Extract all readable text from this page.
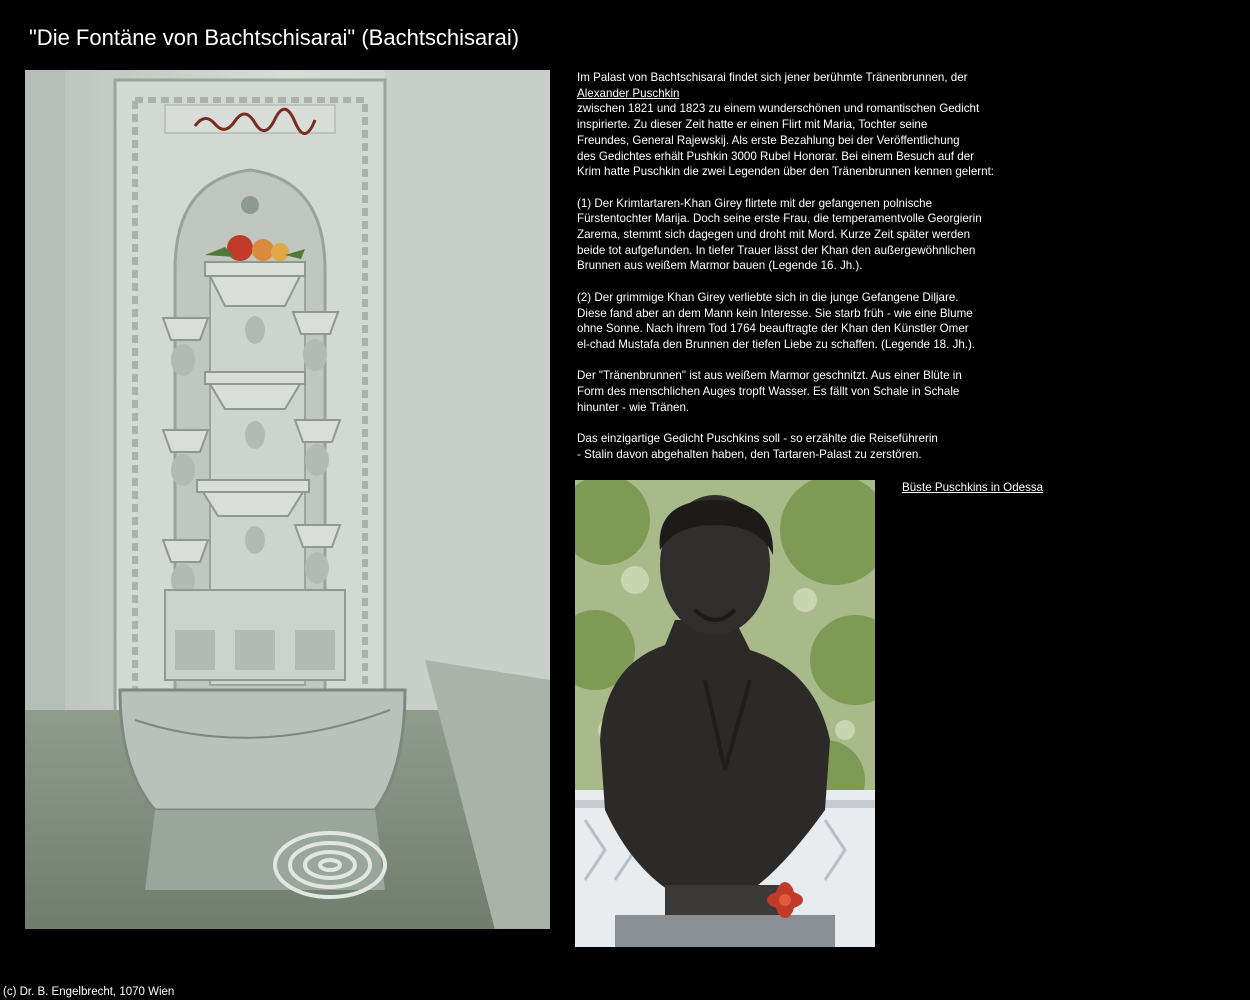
"Die Fontäne von Bachtschisarai" (Bachtschisarai)

Im Palast von Bachtschisarai findet sich jener berühmte Tränenbrunnen, der
Alexander Puschkin
zwischen 1821 und 1823 zu einem wunderschönen und romantischen Gedicht
inspirierte. Zu dieser Zeit hatte er einen Flirt mit Maria, Tochter seine
Freundes, General Rajewskij. Als erste Bezahlung bei der Veröffentlichung
des Gedichtes erhält Pushkin 3000 Rubel Honorar. Bei einem Besuch auf der
Krim hatte Puschkin die zwei Legenden über den Tränenbrunnen kennen gelernt:

(1) Der Krimtartaren-Khan Girey flirtete mit der gefangenen polnische
Fürstentochter Marija. Doch seine erste Frau, die temperamentvolle Georgierin
Zarema, stemmt sich dagegen und droht mit Mord. Kurze Zeit später werden
beide tot aufgefunden. In tiefer Trauer lässt der Khan den außergewöhnlichen
Brunnen aus weißem Marmor bauen (Legende 16. Jh.).

(2) Der grimmige Khan Girey verliebte sich in die junge Gefangene Diljare.
Diese fand aber an dem Mann kein Interesse. Sie starb früh - wie eine Blume
ohne Sonne. Nach ihrem Tod 1764 beauftragte der Khan den Künstler Omer
el-chad Mustafa den Brunnen der tiefen Liebe zu schaffen. (Legende 18. Jh.).

Der "Tränenbrunnen" ist aus weißem Marmor geschnitzt. Aus einer Blüte in
Form des menschlichen Auges tropft Wasser. Es fällt von Schale in Schale
hinunter - wie Tränen.

Das einzigartige Gedicht Puschkins soll - so erzählte die Reiseführerin
- Stalin davon abgehalten haben, den Tartaren-Palast zu zerstören.

Büste Puschkins in Odessa
(c) Dr. B. Engelbrecht, 1070 Wien
